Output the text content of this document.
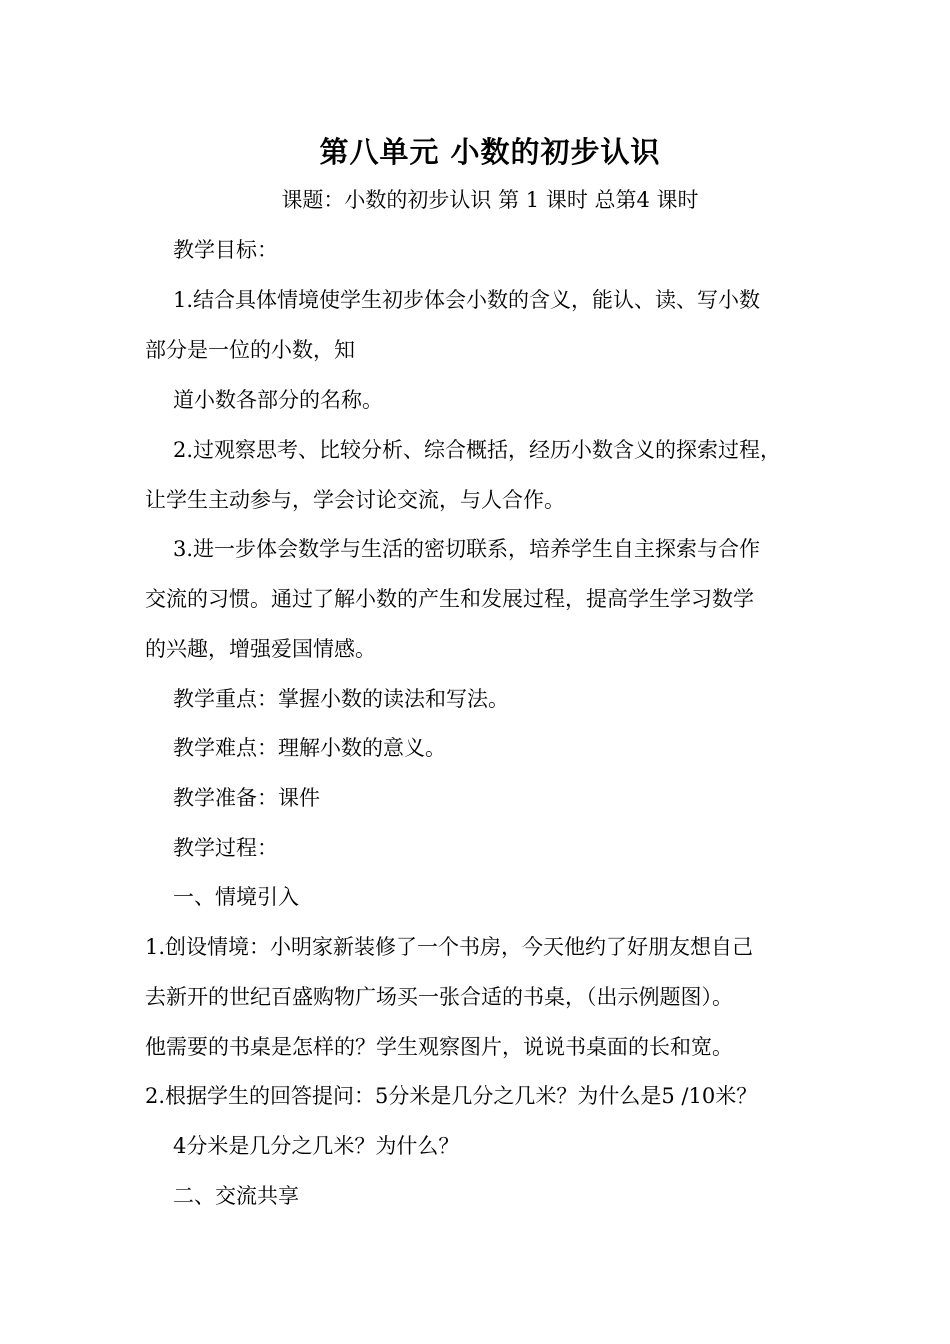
第八单元 小数的初步认识
课题：小数的初步认识 第 1 课时 总第4 课时
教学目标：
1.结合具体情境使学生初步体会小数的含义，能认、读、写小数
部分是一位的小数，知
道小数各部分的名称。
2.过观察思考、比较分析、综合概括，经历小数含义的探索过程，
让学生主动参与，学会讨论交流，与人合作。
3.进一步体会数学与生活的密切联系，培养学生自主探索与合作
交流的习惯。通过了解小数的产生和发展过程，提高学生学习数学
的兴趣，增强爱国情感。
教学重点：掌握小数的读法和写法。
教学难点：理解小数的意义。
教学准备：课件
教学过程：
一、情境引入
1.创设情境：小明家新装修了一个书房，今天他约了好朋友想自己
去新开的世纪百盛购物广场买一张合适的书桌，（出示例题图）。
他需要的书桌是怎样的？学生观察图片，说说书桌面的长和宽。
2.根据学生的回答提问：5分米是几分之几米？为什么是5 /10米？
4分米是几分之几米？为什么？
二、交流共享
